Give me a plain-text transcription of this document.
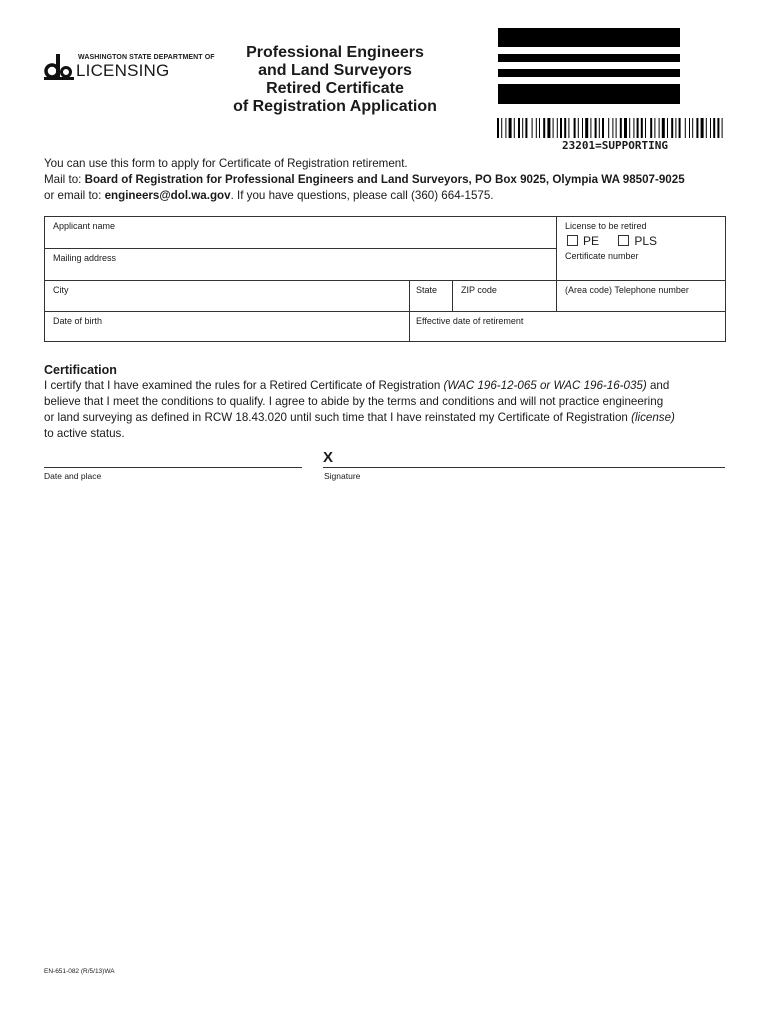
WASHINGTON STATE DEPARTMENT OF
LICENSING
Professional Engineers
and Land Surveyors
Retired Certificate
of Registration Application
23201=SUPPORTING

You can use this form to apply for Certificate of Registration retirement.

Mail to: Board of Registration for Professional Engineers and Land Surveyors, PO Box 9025, Olympia WA 98507-9025

or email to: engineers@dol.wa.gov. If you have questions, please call (360) 664-1575.

Applicant name	License to be retired
PE	PLS
Mailing address	Certificate number
City	State	ZIP code	(Area code) Telephone number
Date of birth	Effective date of retirement
Certification

I certify that I have examined the rules for a Retired Certificate of Registration (WAC 196-12-065 or WAC 196-16-035) and

believe that I meet the conditions to qualify. I agree to abide by the terms and conditions and will not practice engineering

or land surveying as defined in RCW 18.43.020 until such time that I have reinstated my Certificate of Registration (license)

to active status.

X
Date and place	Signature
EN-651-082 (R/5/13)WA
